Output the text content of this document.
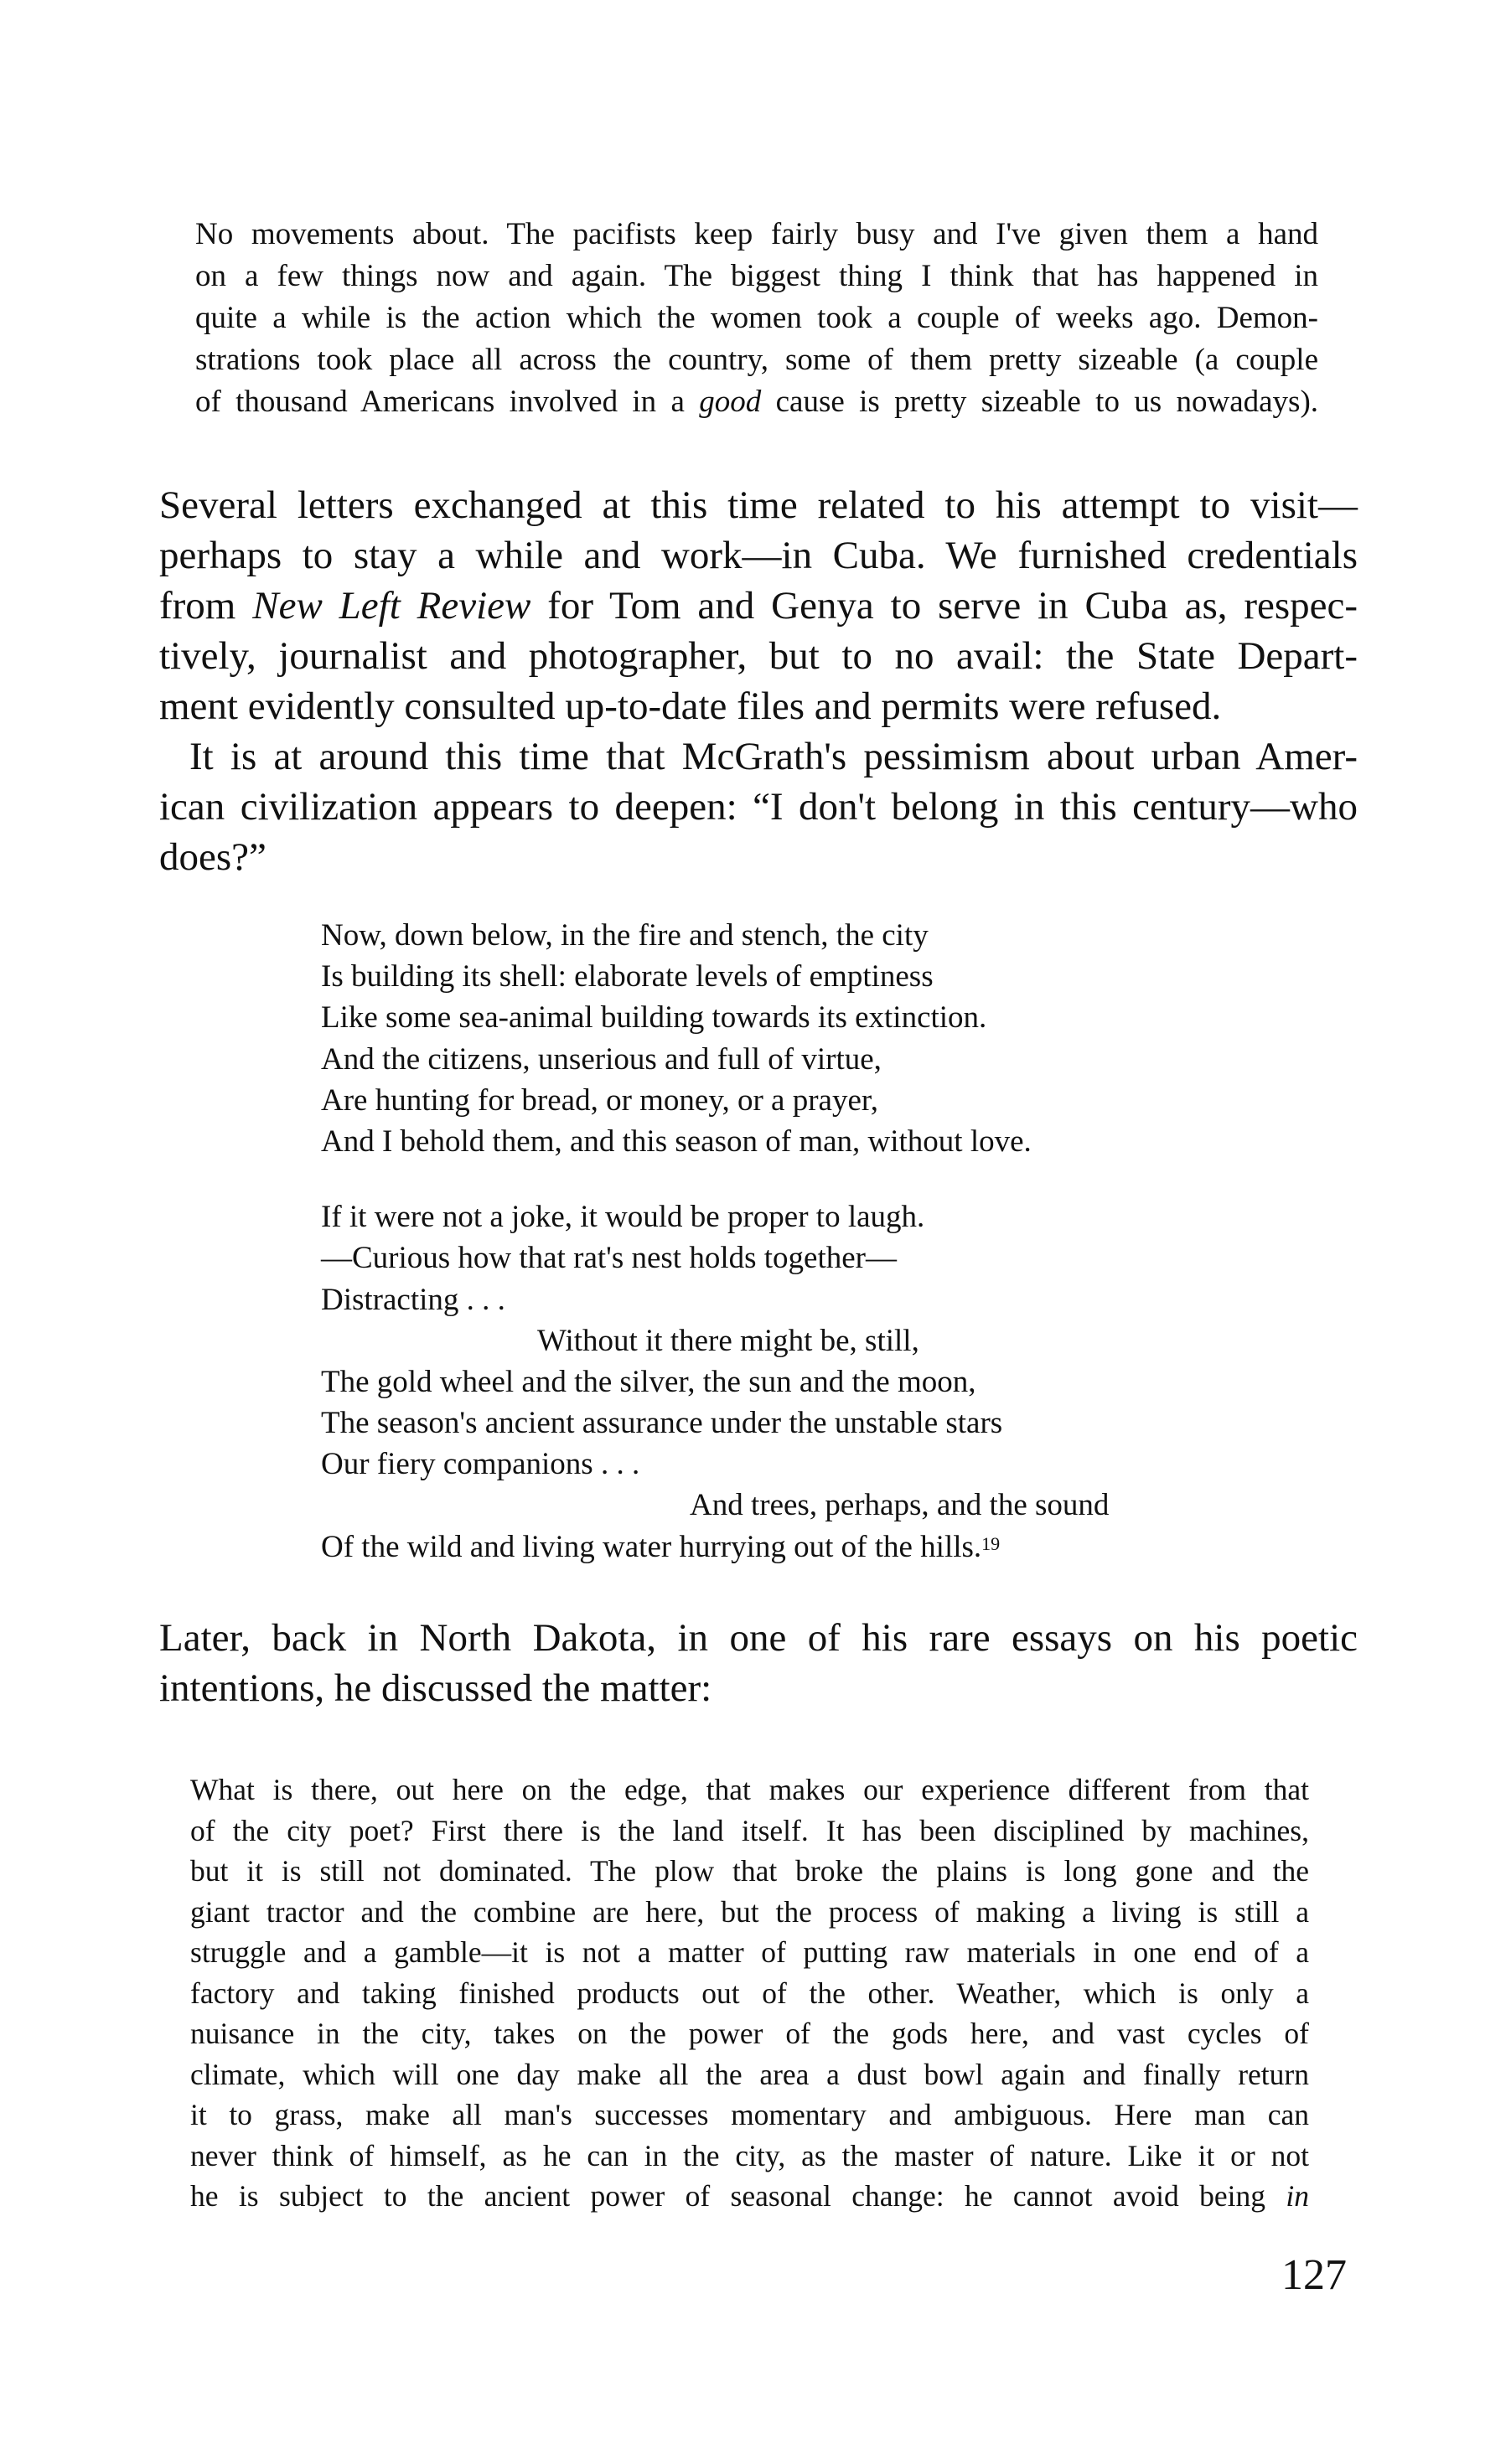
No movements about. The pacifists keep fairly busy and I've given them a hand
on a few things now and again. The biggest thing I think that has happened in
quite a while is the action which the women took a couple of weeks ago. Demon-
strations took place all across the country, some of them pretty sizeable (a couple
of thousand Americans involved in a good cause is pretty sizeable to us nowadays).
Several letters exchanged at this time related to his attempt to visit—
perhaps to stay a while and work—in Cuba. We furnished credentials
from New Left Review for Tom and Genya to serve in Cuba as, respec-
tively, journalist and photographer, but to no avail: the State Depart-
ment evidently consulted up-to-date files and permits were refused.
It is at around this time that McGrath's pessimism about urban Amer-
ican civilization appears to deepen: “I don't belong in this century—who
does?”
Now, down below, in the fire and stench, the city
Is building its shell: elaborate levels of emptiness
Like some sea-animal building towards its extinction.
And the citizens, unserious and full of virtue,
Are hunting for bread, or money, or a prayer,
And I behold them, and this season of man, without love.
If it were not a joke, it would be proper to laugh.
—Curious how that rat's nest holds together—
Distracting . . .
Without it there might be, still,
The gold wheel and the silver, the sun and the moon,
The season's ancient assurance under the unstable stars
Our fiery companions . . .
And trees, perhaps, and the sound
Of the wild and living water hurrying out of the hills.$^{19}$
Later, back in North Dakota, in one of his rare essays on his poetic
intentions, he discussed the matter:
What is there, out here on the edge, that makes our experience different from that
of the city poet? First there is the land itself. It has been disciplined by machines,
but it is still not dominated. The plow that broke the plains is long gone and the
giant tractor and the combine are here, but the process of making a living is still a
struggle and a gamble—it is not a matter of putting raw materials in one end of a
factory and taking finished products out of the other. Weather, which is only a
nuisance in the city, takes on the power of the gods here, and vast cycles of
climate, which will one day make all the area a dust bowl again and finally return
it to grass, make all man's successes momentary and ambiguous. Here man can
never think of himself, as he can in the city, as the master of nature. Like it or not
he is subject to the ancient power of seasonal change: he cannot avoid being in
127
